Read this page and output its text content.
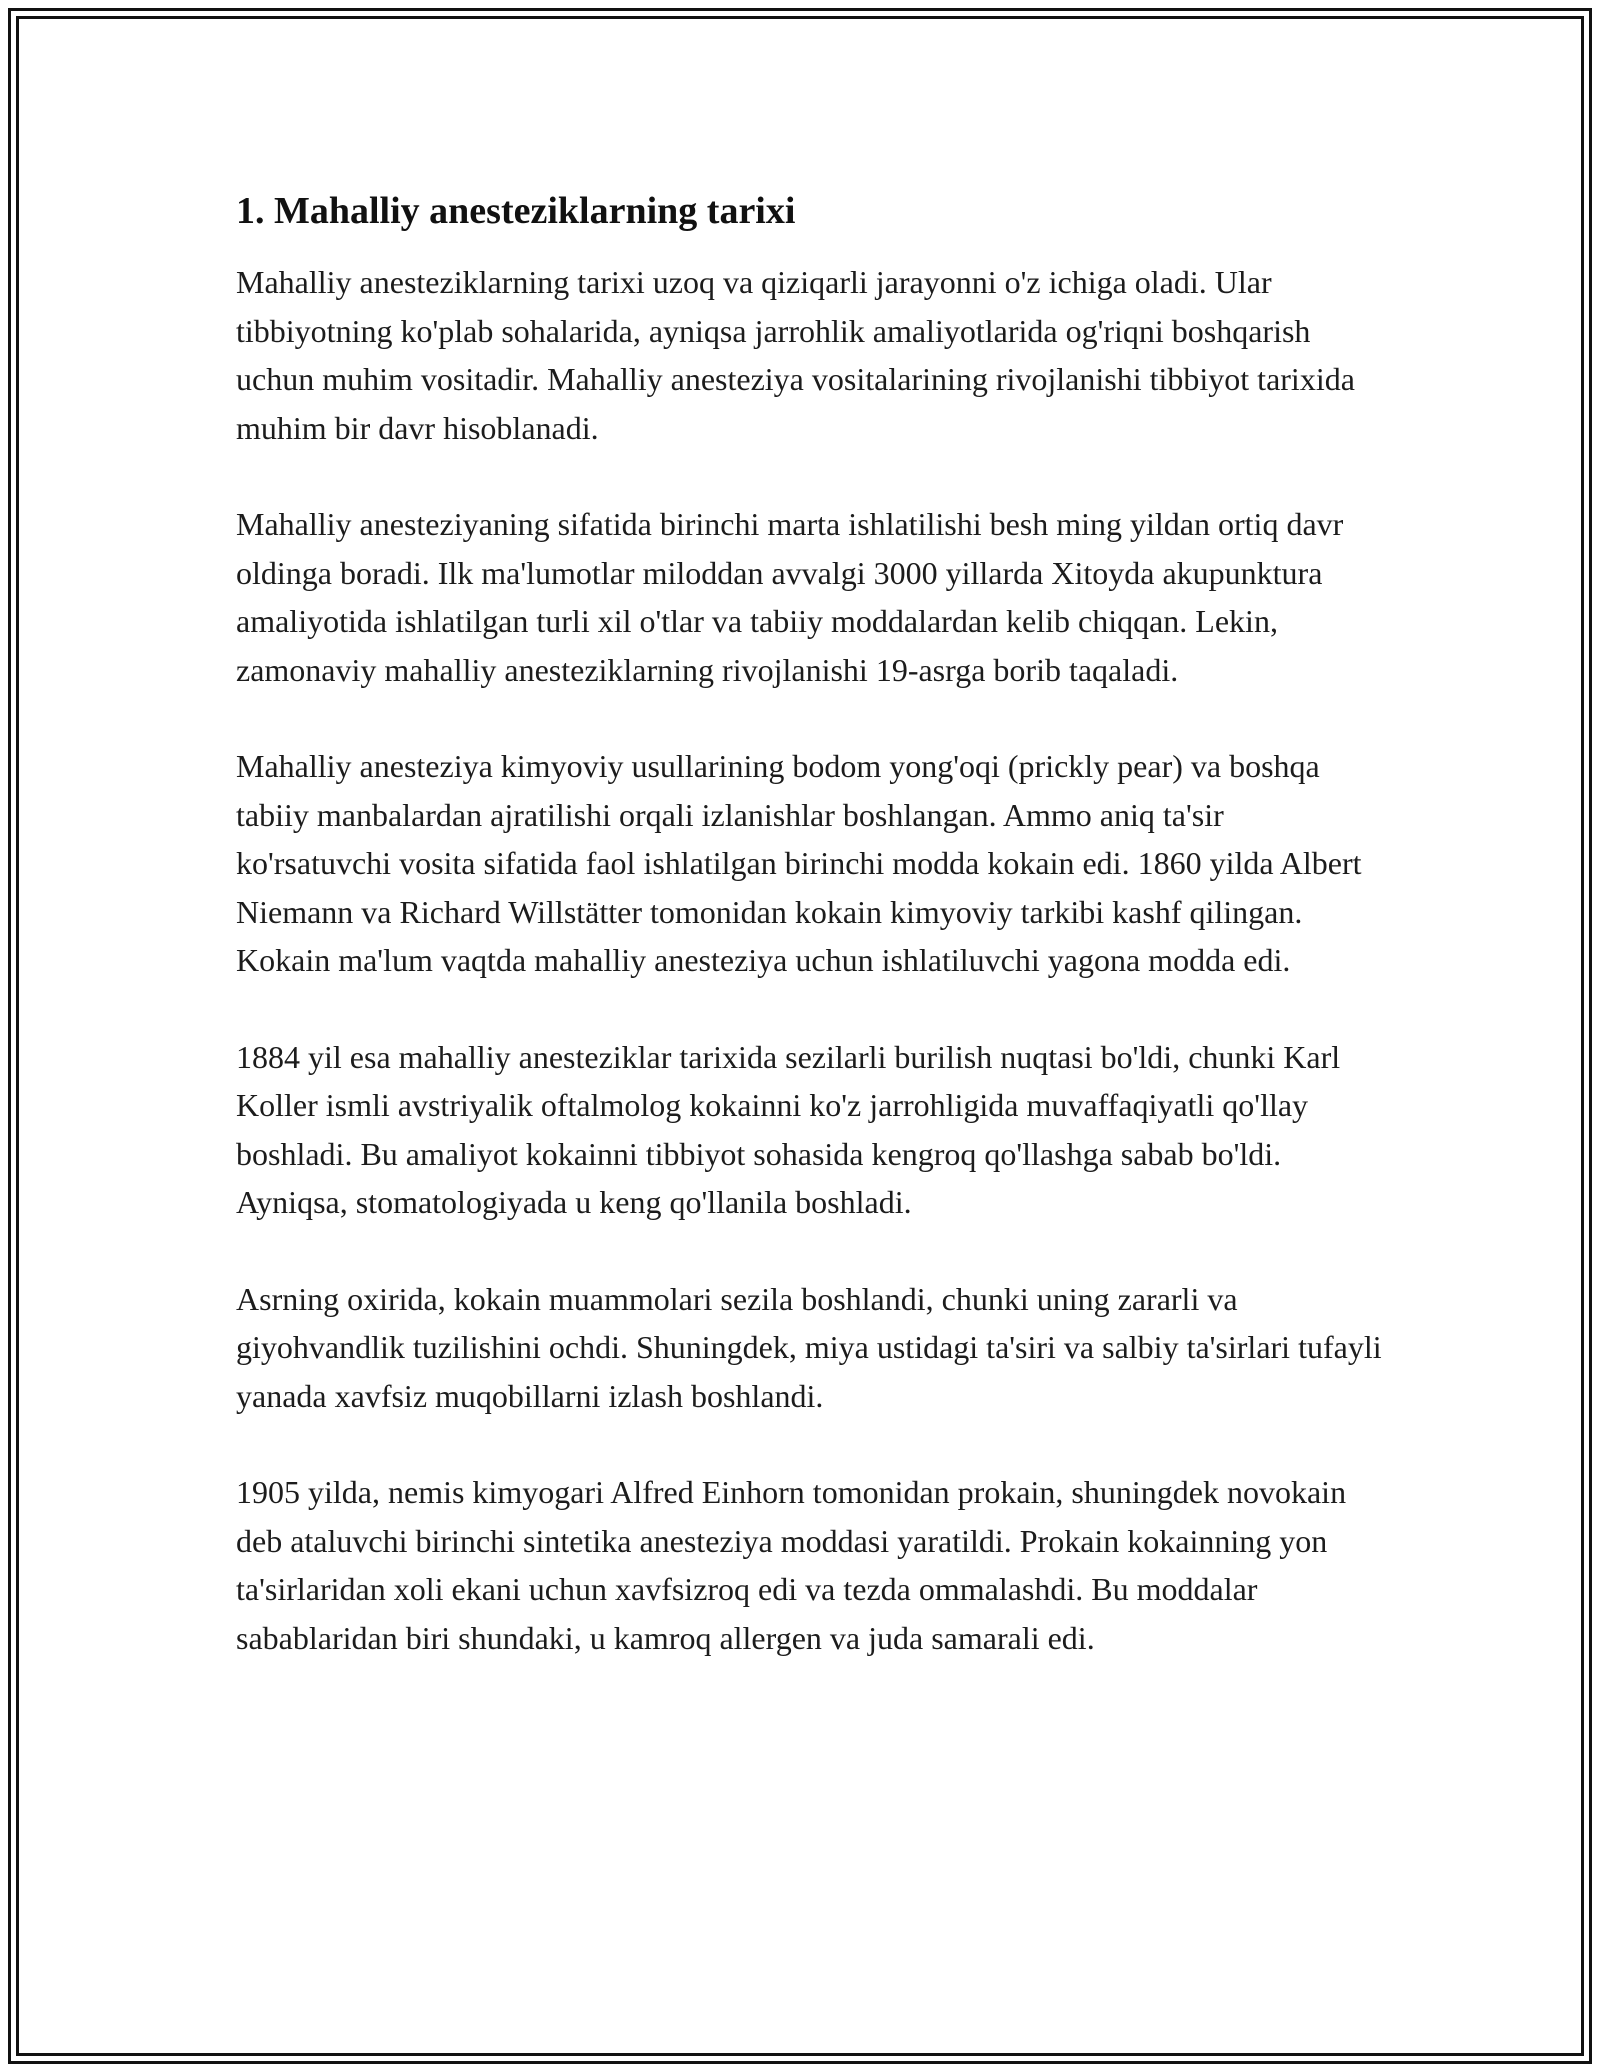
1. Mahalliy anesteziklarning tarixi

Mahalliy anesteziklarning tarixi uzoq va qiziqarli jarayonni o'z ichiga oladi. Ular tibbiyotning ko'plab sohalarida, ayniqsa jarrohlik amaliyotlarida og'riqni boshqarish uchun muhim vositadir. Mahalliy anesteziya vositalarining rivojlanishi tibbiyot tarixida muhim bir davr hisoblanadi.

Mahalliy anesteziyaning sifatida birinchi marta ishlatilishi besh ming yildan ortiq davr oldinga boradi. Ilk ma'lumotlar miloddan avvalgi 3000 yillarda Xitoyda akupunktura amaliyotida ishlatilgan turli xil o'tlar va tabiiy moddalardan kelib chiqqan. Lekin, zamonaviy mahalliy anesteziklarning rivojlanishi 19-asrga borib taqaladi.

Mahalliy anesteziya kimyoviy usullarining bodom yong'oqi (prickly pear) va boshqa tabiiy manbalardan ajratilishi orqali izlanishlar boshlangan. Ammo aniq ta'sir ko'rsatuvchi vosita sifatida faol ishlatilgan birinchi modda kokain edi. 1860 yilda Albert Niemann va Richard Willstätter tomonidan kokain kimyoviy tarkibi kashf qilingan. Kokain ma'lum vaqtda mahalliy anesteziya uchun ishlatiluvchi yagona modda edi.

1884 yil esa mahalliy anesteziklar tarixida sezilarli burilish nuqtasi bo'ldi, chunki Karl Koller ismli avstriyalik oftalmolog kokainni ko'z jarrohligida muvaffaqiyatli qo'llay boshladi. Bu amaliyot kokainni tibbiyot sohasida kengroq qo'llashga sabab bo'ldi. Ayniqsa, stomatologiyada u keng qo'llanila boshladi.

Asrning oxirida, kokain muammolari sezila boshlandi, chunki uning zararli va giyohvandlik tuzilishini ochdi. Shuningdek, miya ustidagi ta'siri va salbiy ta'sirlari tufayli yanada xavfsiz muqobillarni izlash boshlandi.

1905 yilda, nemis kimyogari Alfred Einhorn tomonidan prokain, shuningdek novokain deb ataluvchi birinchi sintetika anesteziya moddasi yaratildi. Prokain kokainning yon ta'sirlaridan xoli ekani uchun xavfsizroq edi va tezda ommalashdi. Bu moddalar sabablaridan biri shundaki, u kamroq allergen va juda samarali edi.
